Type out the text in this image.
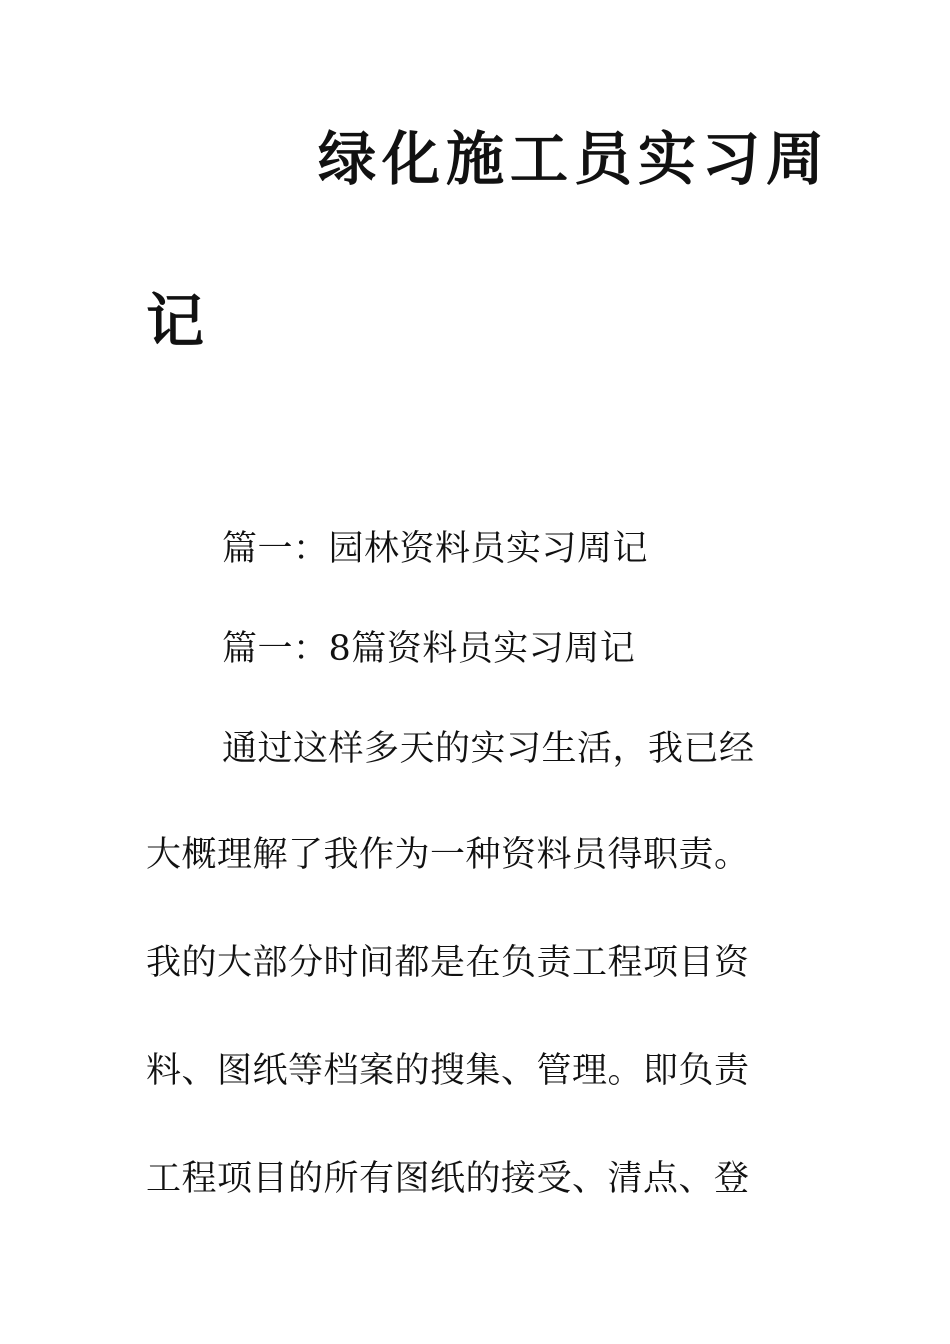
绿化施工员实习周
记

篇一：园林资料员实习周记

篇一：8篇资料员实习周记

通过这样多天的实习生活，我已经

大概理解了我作为一种资料员得职责。

我的大部分时间都是在负责工程项目资

料、图纸等档案的搜集、管理。即负责

工程项目的所有图纸的接受、清点、登
